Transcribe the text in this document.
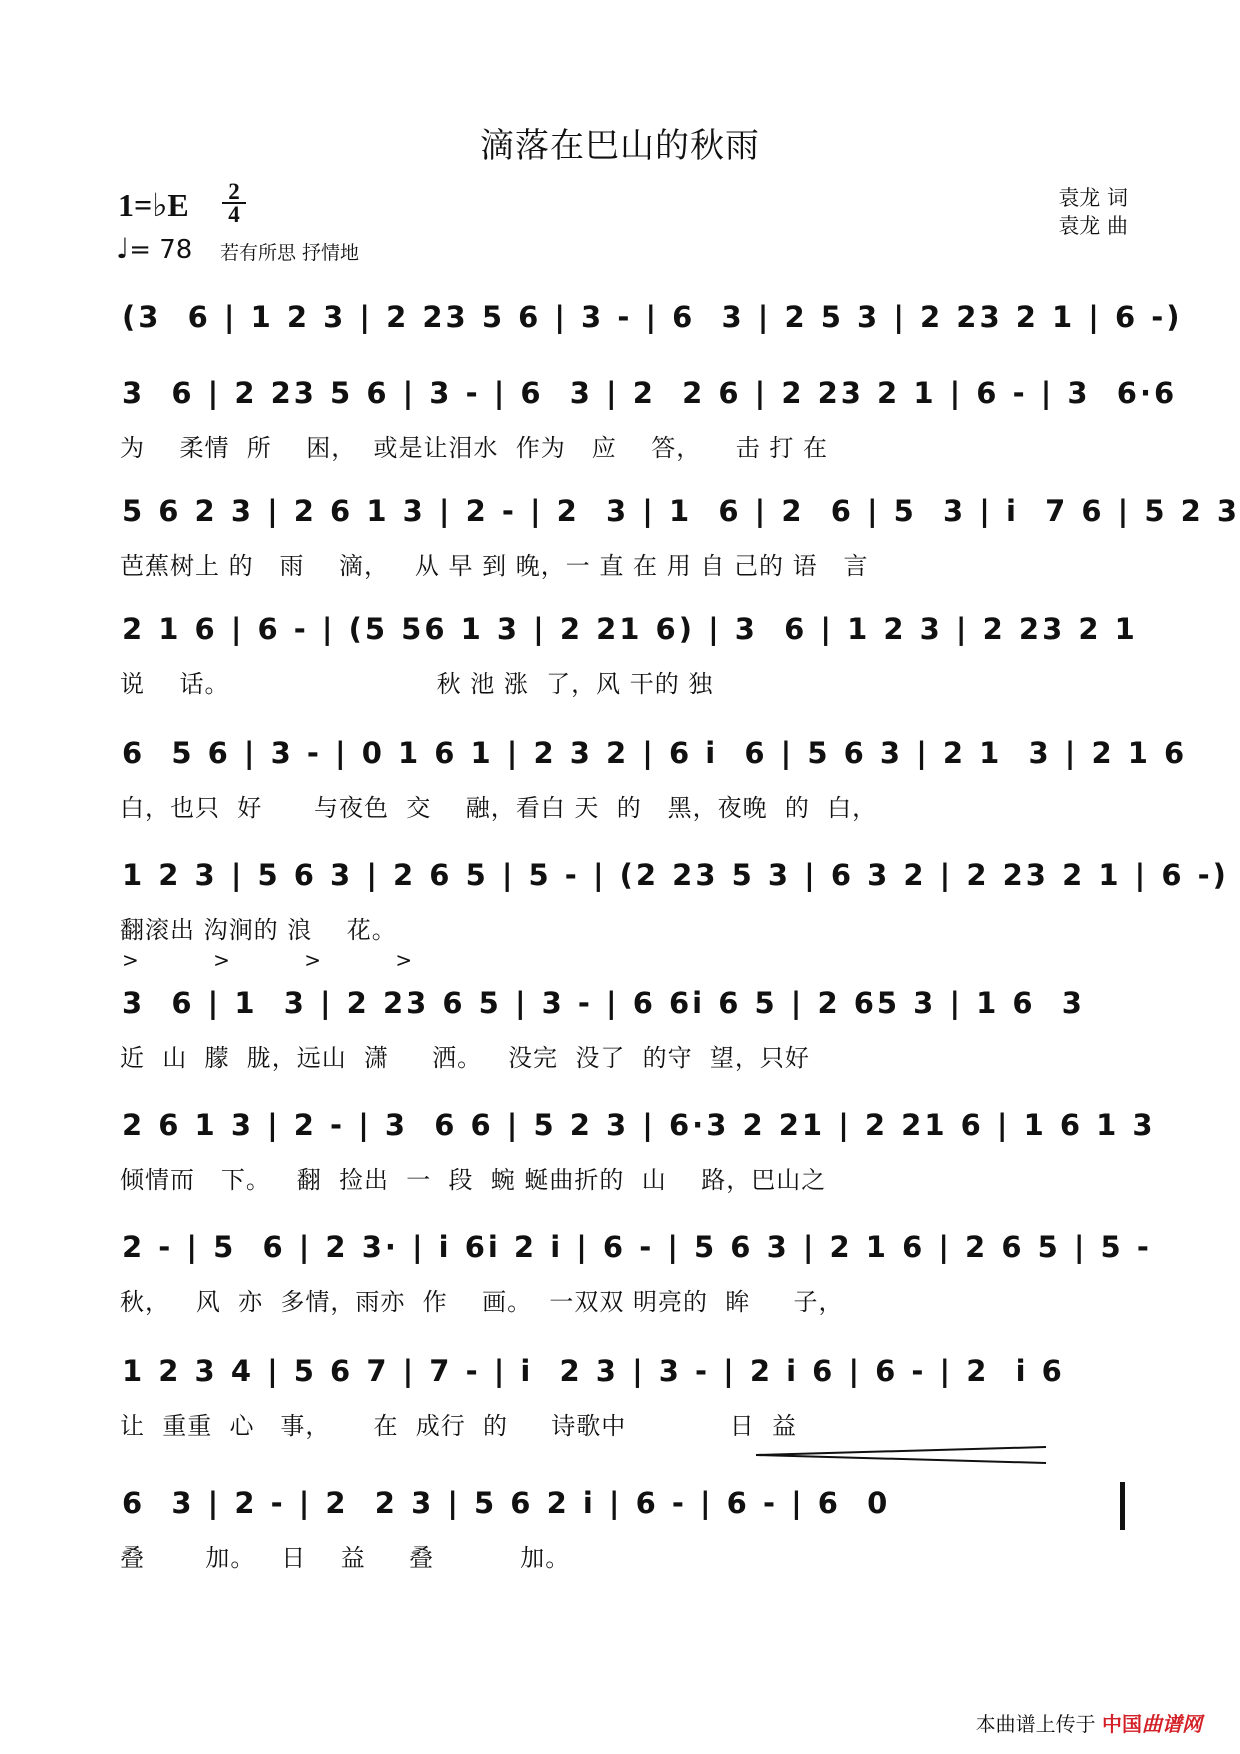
滴落在巴山的秋雨
袁龙 词
袁龙 曲
1=♭E 2
4
♩= 78 若有所思 抒情地
(3  6 | 1 2 3 | 2 23 5 6 | 3 - | 6  3 | 2 5 3 | 2 23 2 1 | 6 -)
3  6 | 2 23 5 6 | 3 - | 6  3 | 2  2 6 | 2 23 2 1 | 6 - | 3  6·6
为    柔情  所    困，  或是让泪水  作为   应    答，    击 打 在
5 6 2 3 | 2 6 1 3 | 2 - | 2  3 | 1  6 | 2  6 | 5  3 | i  7 6 | 5 2 3
芭蕉树上 的   雨    滴，   从 早 到 晚，一 直 在 用 自 己的 语   言
2 1 6 | 6 - | (5 56 1 3 | 2 21 6) | 3  6 | 1 2 3 | 2 23 2 1
说    话。                        秋 池 涨  了，风 干的 独
6  5 6 | 3 - | 0 1 6 1 | 2 3 2 | 6 i  6 | 5 6 3 | 2 1  3 | 2 1 6
白，也只  好      与夜色  交    融，看白 天  的   黑，夜晚  的  白，
1 2 3 | 5 6 3 | 2 6 5 | 5 - | (2 23 5 3 | 6 3 2 | 2 23 2 1 | 6 -)
翻滚出 沟涧的 浪    花。
> > > >
3  6 | 1  3 | 2 23 6 5 | 3 - | 6 6i 6 5 | 2 65 3 | 1 6  3
近  山  朦  胧，远山  潇     洒。   没完  没了  的守  望，只好
2 6 1 3 | 2 - | 3  6 6 | 5 2 3 | 6·3 2 21 | 2 21 6 | 1 6 1 3
倾情而   下。   翻  捡出  一  段  蜿 蜒曲折的  山    路，巴山之
2 - | 5  6 | 2 3· | i 6i 2 i | 6 - | 5 6 3 | 2 1 6 | 2 6 5 | 5 -
秋，   风  亦  多情，雨亦  作    画。  一双双 明亮的  眸     子，
1 2 3 4 | 5 6 7 | 7 - | i  2 3 | 3 - | 2 i 6 | 6 - | 2  i 6
让  重重  心   事，     在  成行  的     诗歌中            日  益
6  3 | 2 - | 2  2 3 | 5 6 2 i | 6 - | 6 - | 6  0
叠       加。   日    益     叠          加。
本曲谱上传于 中国曲谱网
